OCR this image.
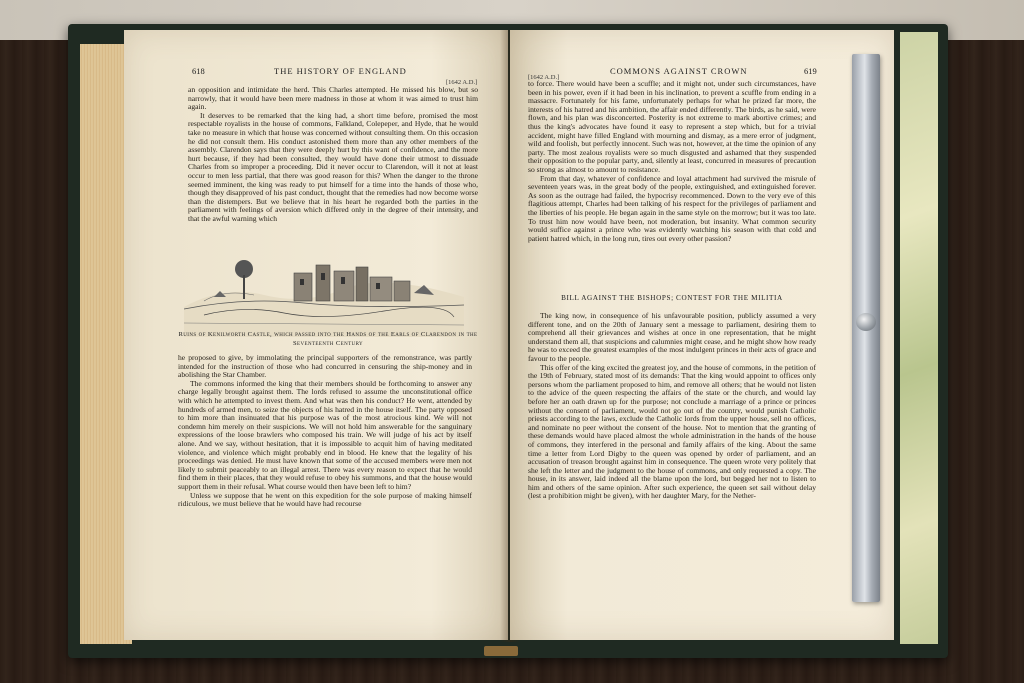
618	THE HISTORY OF ENGLAND
[1642 A.D.]

an opposition and intimidate the herd. This Charles attempted. He missed his blow, but so narrowly, that it would have been mere madness in those at whom it was aimed to trust him again.

It deserves to be remarked that the king had, a short time before, promised the most respectable royalists in the house of commons, Falkland, Colepeper, and Hyde, that he would take no measure in which that house was concerned without consulting them. On this occasion he did not consult them. His conduct astonished them more than any other members of the assembly. Clarendon says that they were deeply hurt by this want of confidence, and the more hurt because, if they had been consulted, they would have done their utmost to dissuade Charles from so improper a proceeding. Did it never occur to Clarendon, will it not at least occur to men less partial, that there was good reason for this? When the danger to the throne seemed imminent, the king was ready to put himself for a time into the hands of those who, though they disapproved of his past conduct, thought that the remedies had now become worse than the distempers. But we believe that in his heart he regarded both the parties in the parliament with feelings of aversion which differed only in the degree of their intensity, and that the awful warning which

Ruins of Kenilworth Castle, which passed into the Hands of the Earls of Clarendon in the Seventeenth Century

he proposed to give, by immolating the principal supporters of the remonstrance, was partly intended for the instruction of those who had concurred in censuring the ship-money and in abolishing the Star Chamber.

The commons informed the king that their members should be forthcoming to answer any charge legally brought against them. The lords refused to assume the unconstitutional office with which he attempted to invest them. And what was then his conduct? He went, attended by hundreds of armed men, to seize the objects of his hatred in the house itself. The party opposed to him more than insinuated that his purpose was of the most atrocious kind. We will not condemn him merely on their suspicions. We will not hold him answerable for the sanguinary expressions of the loose brawlers who composed his train. We will judge of his act by itself alone. And we say, without hesitation, that it is impossible to acquit him of having meditated violence, and violence which might probably end in blood. He knew that the legality of his proceedings was denied. He must have known that some of the accused members were men not likely to submit peaceably to an illegal arrest. There was every reason to expect that he would find them in their places, that they would refuse to obey his summons, and that the house would support them in their refusal. What course would then have been left to him?

Unless we suppose that he went on this expedition for the sole purpose of making himself ridiculous, we must believe that he would have had recourse

COMMONS AGAINST CROWN	619
[1642 A.D.]

to force. There would have been a scuffle; and it might not, under such circumstances, have been in his power, even if it had been in his inclination, to prevent a scuffle from ending in a massacre. Fortunately for his fame, unfortunately perhaps for what he prized far more, the interests of his hatred and his ambition, the affair ended differently. The birds, as he said, were flown, and his plan was disconcerted. Posterity is not extreme to mark abortive crimes; and thus the king's advocates have found it easy to represent a step which, but for a trivial accident, might have filled England with mourning and dismay, as a mere error of judgment, wild and foolish, but perfectly innocent. Such was not, however, at the time the opinion of any party. The most zealous royalists were so much disgusted and ashamed that they suspended their opposition to the popular party, and, silently at least, concurred in measures of precaution so strong as almost to amount to resistance.

From that day, whatever of confidence and loyal attachment had survived the misrule of seventeen years was, in the great body of the people, extinguished, and extinguished forever. As soon as the outrage had failed, the hypocrisy recommenced. Down to the very eve of this flagitious attempt, Charles had been talking of his respect for the privileges of parliament and the liberties of his people. He began again in the same style on the morrow; but it was too late. To trust him now would have been, not moderation, but insanity. What common security would suffice against a prince who was evidently watching his season with that cold and patient hatred which, in the long run, tires out every other passion?

BILL AGAINST THE BISHOPS; CONTEST FOR THE MILITIA

The king now, in consequence of his unfavourable position, publicly assumed a very different tone, and on the 20th of January sent a message to parliament, desiring them to comprehend all their grievances and wishes at once in one representation, that he might understand them all, that suspicions and calumnies might cease, and he might show how ready he was to exceed the greatest examples of the most indulgent princes in their acts of grace and favour to the people.

This offer of the king excited the greatest joy, and the house of commons, in the petition of the 19th of February, stated most of its demands: That the king would appoint to offices only persons whom the parliament proposed to him, and remove all others; that he would not listen to the advice of the queen respecting the affairs of the state or the church, and would lay before her an oath drawn up for the purpose; not conclude a marriage of a prince or princes without the consent of parliament, would not go out of the country, would punish Catholic priests according to the laws, exclude the Catholic lords from the upper house, sell no offices, and nominate no peer without the consent of the house. Not to mention that the granting of these demands would have placed almost the whole administration in the hands of the house of commons, they interfered in the personal and family affairs of the king. About the same time a letter from Lord Digby to the queen was opened by order of parliament, and an accusation of treason brought against him in consequence. The queen wrote very politely that she left the letter and the judgment to the house of commons, and only requested a copy. The house, in its answer, laid indeed all the blame upon the lord, but begged her not to listen to him and others of the same opinion. After such experience, the queen set sail without delay (lest a prohibition might be given), with her daughter Mary, for the Nether-
